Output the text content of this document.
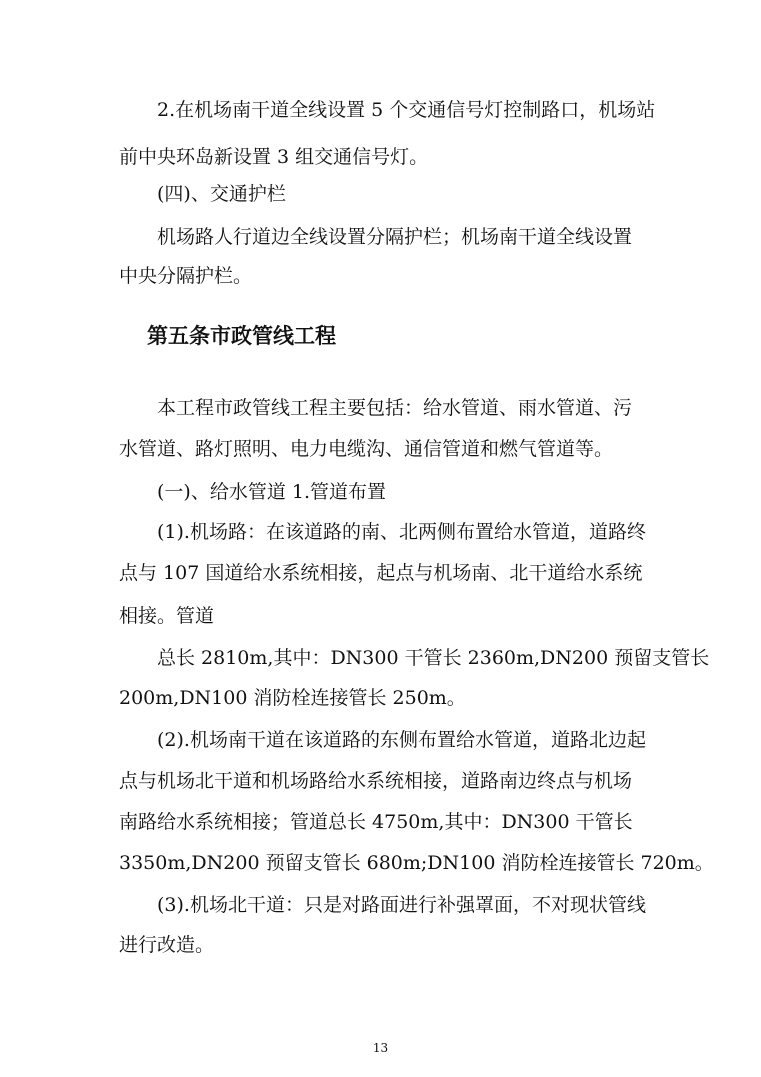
2.在机场南干道全线设置 5 个交通信号灯控制路口，机场站
前中央环岛新设置 3 组交通信号灯。
(四)、交通护栏
机场路人行道边全线设置分隔护栏；机场南干道全线设置
中央分隔护栏。
第五条市政管线工程
本工程市政管线工程主要包括：给水管道、雨水管道、污
水管道、路灯照明、电力电缆沟、通信管道和燃气管道等。
(一)、给水管道 1.管道布置
(1).机场路：在该道路的南、北两侧布置给水管道，道路终
点与 107 国道给水系统相接，起点与机场南、北干道给水系统
相接。管道
总长 2810m,其中：DN300 干管长 2360m,DN200 预留支管长
200m,DN100 消防栓连接管长 250m。
(2).机场南干道在该道路的东侧布置给水管道，道路北边起
点与机场北干道和机场路给水系统相接，道路南边终点与机场
南路给水系统相接；管道总长 4750m,其中：DN300 干管长
3350m,DN200 预留支管长 680m;DN100 消防栓连接管长 720m。
(3).机场北干道：只是对路面进行补强罩面，不对现状管线
进行改造。
13
